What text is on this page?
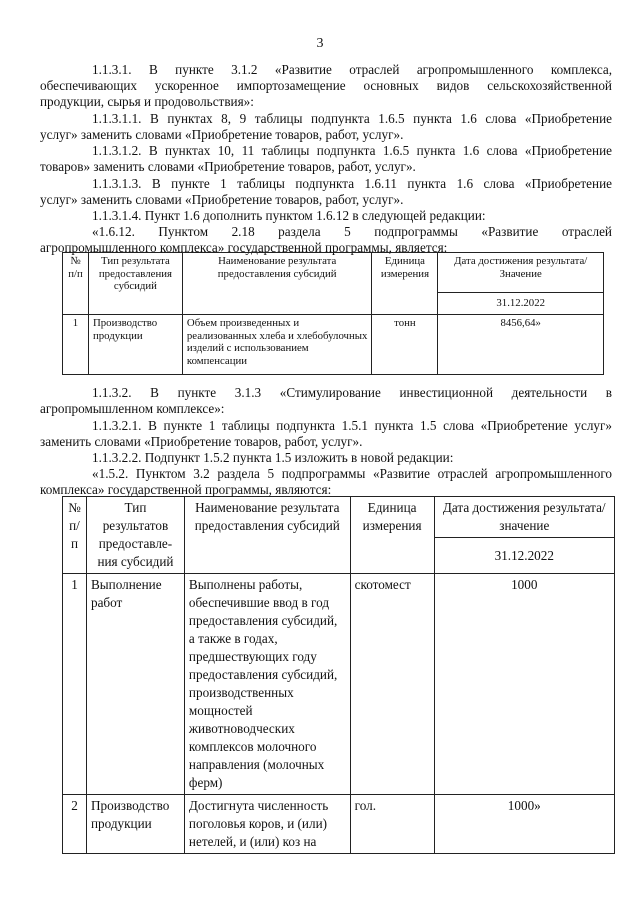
3
1.1.3.1. В пункте 3.1.2 «Развитие отраслей агропромышленного комплекса,
обеспечивающих ускоренное импортозамещение основных видов сельскохозяйственной
продукции, сырья и продовольствия»:
1.1.3.1.1. В пунктах 8, 9 таблицы подпункта 1.6.5 пункта 1.6 слова «Приобретение
услуг» заменить словами «Приобретение товаров, работ, услуг».
1.1.3.1.2. В пунктах 10, 11 таблицы подпункта 1.6.5 пункта 1.6 слова «Приобретение
товаров» заменить словами «Приобретение товаров, работ, услуг».
1.1.3.1.3. В пункте 1 таблицы подпункта 1.6.11 пункта 1.6 слова «Приобретение
услуг» заменить словами «Приобретение товаров, работ, услуг».
1.1.3.1.4. Пункт 1.6 дополнить пунктом 1.6.12 в следующей редакции:
«1.6.12. Пунктом 2.18 раздела 5 подпрограммы «Развитие отраслей
агропромышленного комплекса» государственной программы, является:
№ п/п	Тип результата предоставления субсидий	Наименование результата предоставления субсидий	Единица измерения	Дата достижения результата/Значение
				31.12.2022
1	Производство продукции	Объем произведенных и реализованных хлеба и хлебобулочных изделий с использованием компенсации	тонн	8456,64»
1.1.3.2. В пункте 3.1.3 «Стимулирование инвестиционной деятельности в
агропромышленном комплексе»:
1.1.3.2.1. В пункте 1 таблицы подпункта 1.5.1 пункта 1.5 слова «Приобретение услуг»
заменить словами «Приобретение товаров, работ, услуг».
1.1.3.2.2. Подпункт 1.5.2 пункта 1.5 изложить в новой редакции:
«1.5.2. Пунктом 3.2 раздела 5 подпрограммы «Развитие отраслей агропромышленного
комплекса» государственной программы, являются:
№ п/п	Тип результатов предоставле-ния субсидий	Наименование результата предоставления субсидий	Единица измерения	Дата достижения результата/значение
				31.12.2022
1	Выполнение работ	Выполнены работы, обеспечившие ввод в год предоставления субсидий, а также в годах, предшествующих году предоставления субсидий, производственных мощностей животноводческих комплексов молочного направления (молочных ферм)	скотомест	1000
2	Производство продукции	Достигнута численность поголовья коров, и (или) нетелей, и (или) коз на	гол.	1000»
